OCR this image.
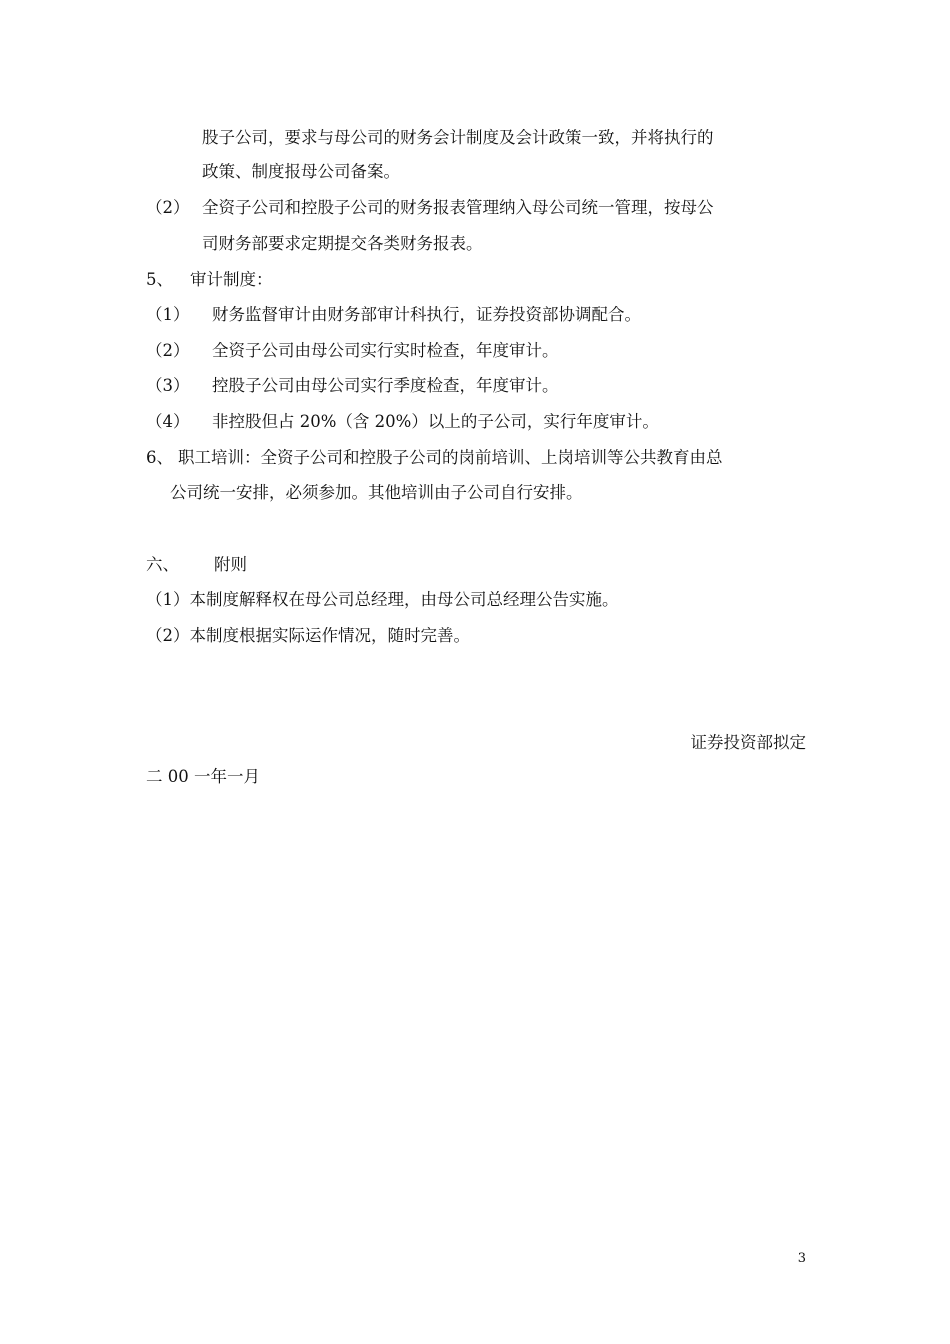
股子公司，要求与母公司的财务会计制度及会计政策一致，并将执行的
政策、制度报母公司备案。
（2） 全资子公司和控股子公司的财务报表管理纳入母公司统一管理，按母公
司财务部要求定期提交各类财务报表。
5、 审计制度：
（1） 财务监督审计由财务部审计科执行，证券投资部协调配合。
（2） 全资子公司由母公司实行实时检查，年度审计。
（3） 控股子公司由母公司实行季度检查，年度审计。
（4） 非控股但占 20%（含 20%）以上的子公司，实行年度审计。
6、 职工培训：全资子公司和控股子公司的岗前培训、上岗培训等公共教育由总
公司统一安排，必须参加。其他培训由子公司自行安排。
六、 附则
（1）本制度解释权在母公司总经理，由母公司总经理公告实施。
（2）本制度根据实际运作情况，随时完善。
证券投资部拟定
二 00 一年一月
3
